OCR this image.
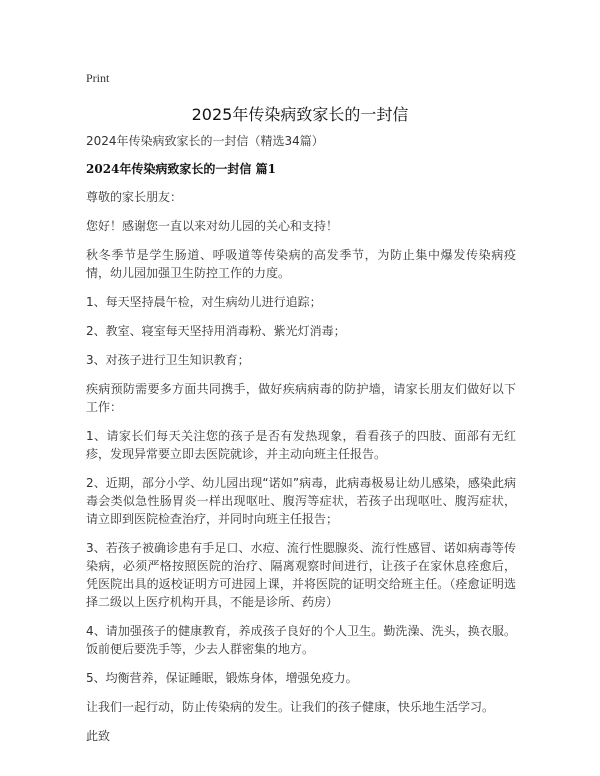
Print
2025年传染病致家长的一封信
2024年传染病致家长的一封信（精选34篇）
2024年传染病致家长的一封信 篇1

尊敬的家长朋友：

您好！感谢您一直以来对幼儿园的关心和支持！

秋冬季节是学生肠道、呼吸道等传染病的高发季节，为防止集中爆发传染病疫情，幼儿园加强卫生防控工作的力度。

1、每天坚持晨午检，对生病幼儿进行追踪；

2、教室、寝室每天坚持用消毒粉、紫光灯消毒；

3、对孩子进行卫生知识教育；

疾病预防需要多方面共同携手，做好疾病病毒的防护墙，请家长朋友们做好以下工作：

1、请家长们每天关注您的孩子是否有发热现象，看看孩子的四肢、面部有无红疹，发现异常要立即去医院就诊，并主动向班主任报告。

2、近期，部分小学、幼儿园出现“诺如”病毒，此病毒极易让幼儿感染，感染此病毒会类似急性肠胃炎一样出现呕吐、腹泻等症状，若孩子出现呕吐、腹泻症状，请立即到医院检查治疗，并同时向班主任报告；

3、若孩子被确诊患有手足口、水痘、流行性腮腺炎、流行性感冒、诺如病毒等传染病，必须严格按照医院的治疗、隔离观察时间进行，让孩子在家休息痊愈后，凭医院出具的返校证明方可进园上课，并将医院的证明交给班主任。（痊愈证明选择二级以上医疗机构开具，不能是诊所、药房）

4、请加强孩子的健康教育，养成孩子良好的个人卫生。勤洗澡、洗头，换衣服。饭前便后要洗手等，少去人群密集的地方。

5、均衡营养，保证睡眠，锻炼身体，增强免疫力。

让我们一起行动，防止传染病的发生。让我们的孩子健康，快乐地生活学习。

此致
